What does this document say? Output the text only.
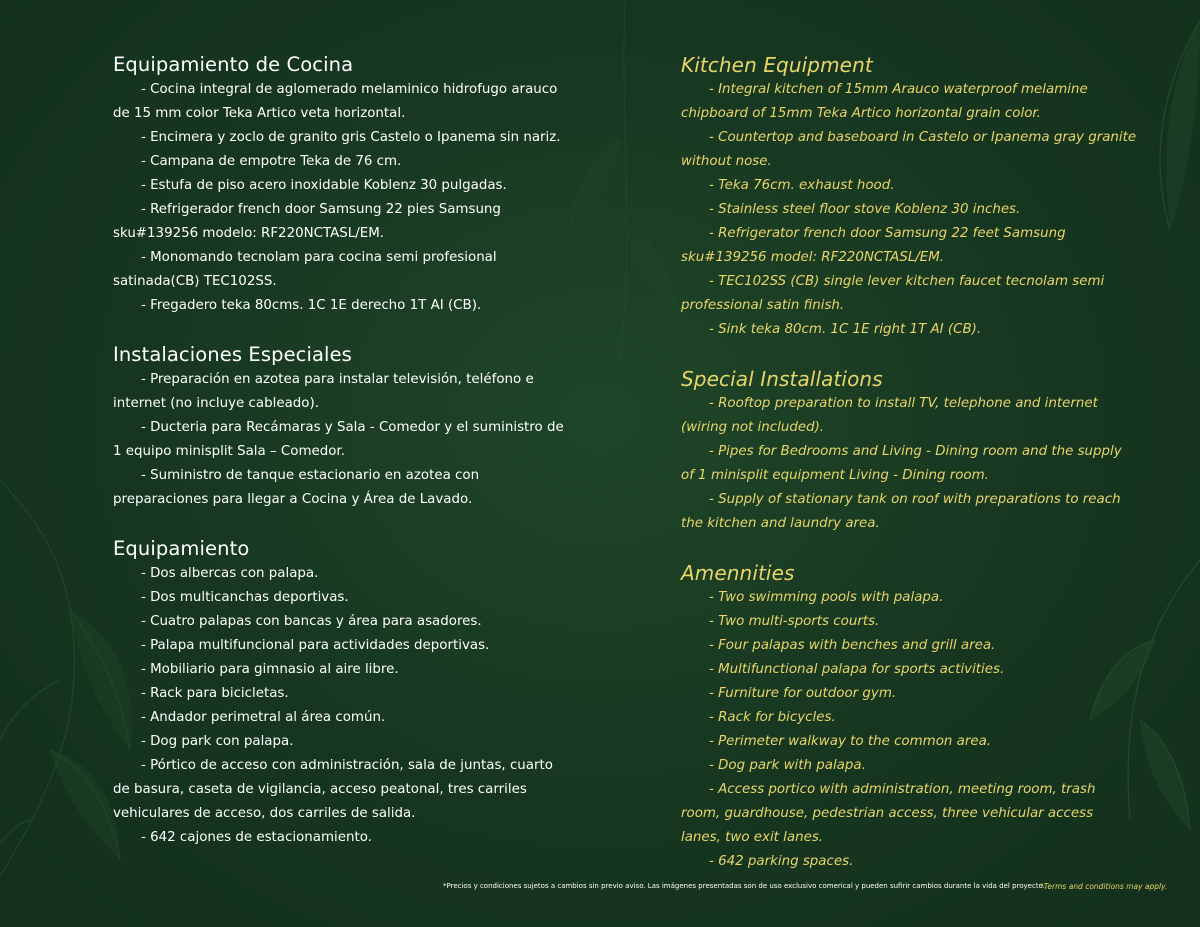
Equipamiento de Cocina
- Cocina integral de aglomerado melaminico hidrofugo arauco
de 15 mm color Teka Artico veta horizontal.
- Encimera y zoclo de granito gris Castelo o Ipanema sin nariz.
- Campana de empotre Teka de 76 cm.
- Estufa de piso acero inoxidable Koblenz 30 pulgadas.
- Refrigerador french door Samsung 22 pies Samsung
sku#139256 modelo: RF220NCTASL/EM.
- Monomando tecnolam para cocina semi profesional
satinada(CB) TEC102SS.
- Fregadero teka 80cms. 1C 1E derecho 1T AI (CB).
Instalaciones Especiales
- Preparación en azotea para instalar televisión, teléfono e
internet (no incluye cableado).
- Ducteria para Recámaras y Sala - Comedor y el suministro de
1 equipo minisplit Sala – Comedor.
- Suministro de tanque estacionario en azotea con
preparaciones para llegar a Cocina y Área de Lavado.
Equipamiento
- Dos albercas con palapa.
- Dos multicanchas deportivas.
- Cuatro palapas con bancas y área para asadores.
- Palapa multifuncional para actividades deportivas.
- Mobiliario para gimnasio al aire libre.
- Rack para bicicletas.
- Andador perimetral al área común.
- Dog park con palapa.
- Pórtico de acceso con administración, sala de juntas, cuarto
de basura, caseta de vigilancia, acceso peatonal, tres carriles
vehiculares de acceso, dos carriles de salida.
- 642 cajones de estacionamiento.
Kitchen Equipment
- Integral kitchen of 15mm Arauco waterproof melamine
chipboard of 15mm Teka Artico horizontal grain color.
- Countertop and baseboard in Castelo or Ipanema gray granite
without nose.
- Teka 76cm. exhaust hood.
- Stainless steel floor stove Koblenz 30 inches.
- Refrigerator french door Samsung 22 feet Samsung
sku#139256 model: RF220NCTASL/EM.
- TEC102SS (CB) single lever kitchen faucet tecnolam semi
professional satin finish.
- Sink teka 80cm. 1C 1E right 1T AI (CB).
Special Installations
- Rooftop preparation to install TV, telephone and internet
(wiring not included).
- Pipes for Bedrooms and Living - Dining room and the supply
of 1 minisplit equipment Living - Dining room.
- Supply of stationary tank on roof with preparations to reach
the kitchen and laundry area.
Amennities
- Two swimming pools with palapa.
- Two multi-sports courts.
- Four palapas with benches and grill area.
- Multifunctional palapa for sports activities.
- Furniture for outdoor gym.
- Rack for bicycles.
- Perimeter walkway to the common area.
- Dog park with palapa.
- Access portico with administration, meeting room, trash
room, guardhouse, pedestrian access, three vehicular access
lanes, two exit lanes.
- 642 parking spaces.
*Precios y condiciones sujetos a cambios sin previo aviso. Las imágenes presentadas son de uso exclusivo comerical y pueden sufirir cambios durante la vida del proyecto.
*Terms and conditions may apply.
